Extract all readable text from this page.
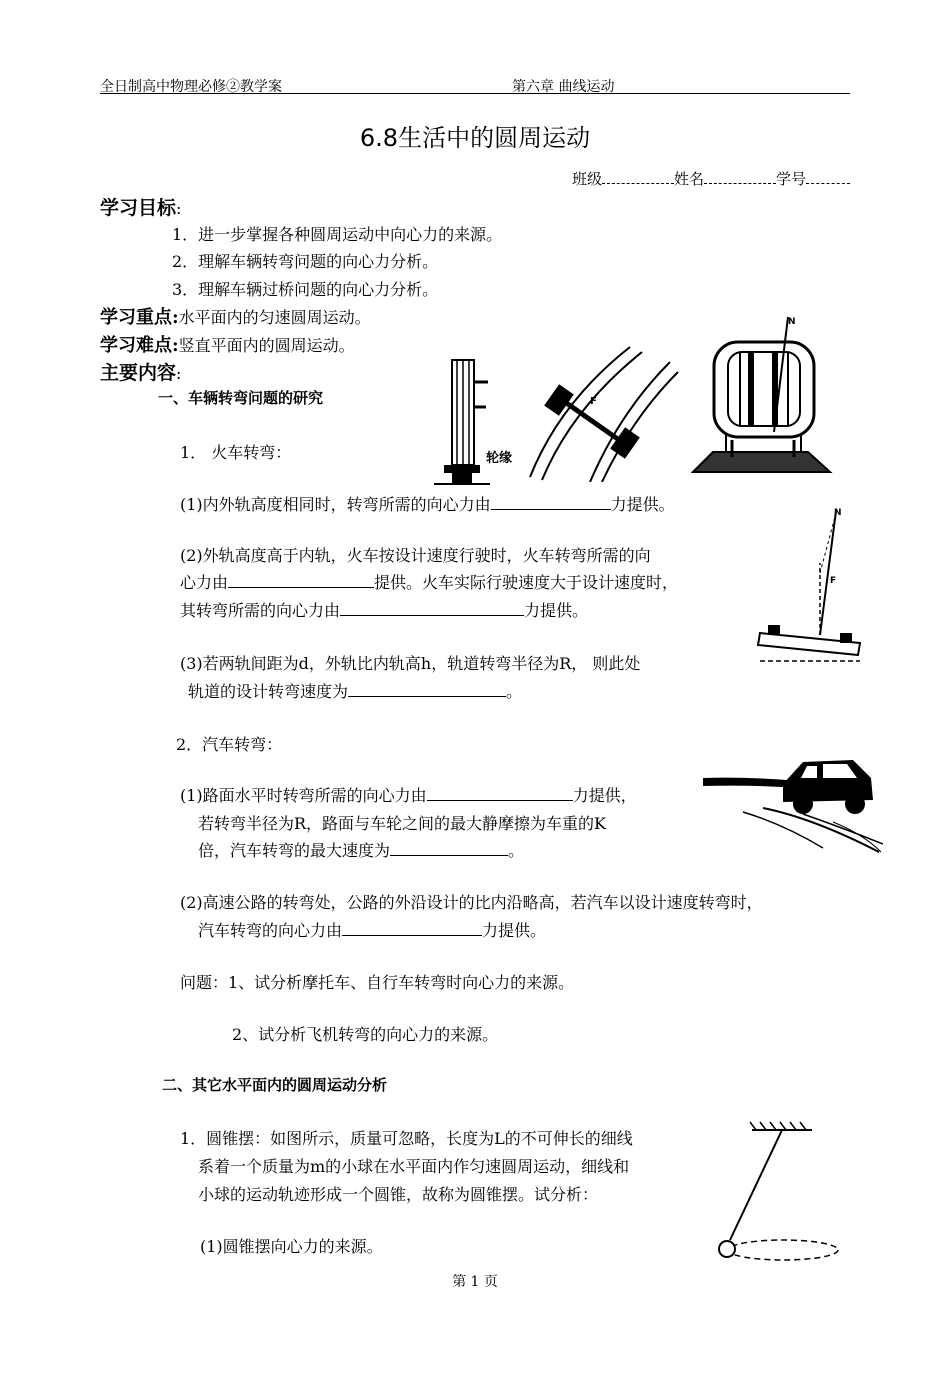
全日制高中物理必修②教学案	第六章 曲线运动
6.8生活中的圆周运动
班级	姓名	学号
学习目标:
1．进一步掌握各种圆周运动中向心力的来源。
2．理解车辆转弯问题的向心力分析。
3．理解车辆过桥问题的向心力分析。
学习重点:水平面内的匀速圆周运动。
学习难点:竖直平面内的圆周运动。
主要内容:
一、车辆转弯问题的研究
1． 火车转弯：
(1)内外轨高度相同时，转弯所需的向心力由	力提供。
(2)外轨高度高于内轨，火车按设计速度行驶时，火车转弯所需的向
心力由	提供。火车实际行驶速度大于设计速度时，
其转弯所需的向心力由	力提供。
(3)若两轨间距为d，外轨比内轨高h，轨道转弯半径为R， 则此处
轨道的设计转弯速度为	。
2．汽车转弯：
(1)路面水平时转弯所需的向心力由	力提供，
若转弯半径为R，路面与车轮之间的最大静摩擦为车重的K
倍，汽车转弯的最大速度为	。
(2)高速公路的转弯处，公路的外沿设计的比内沿略高，若汽车以设计速度转弯时，
汽车转弯的向心力由	力提供。
问题：1、试分析摩托车、自行车转弯时向心力的来源。
2、试分析飞机转弯的向心力的来源。
二、其它水平面内的圆周运动分析
1．圆锥摆：如图所示，质量可忽略，长度为L的不可伸长的细线
系着一个质量为m的小球在水平面内作匀速圆周运动，细线和
小球的运动轨迹形成一个圆锥，故称为圆锥摆。试分析：
(1)圆锥摆向心力的来源。
第 1 页
轮缘
F
N
N
F
